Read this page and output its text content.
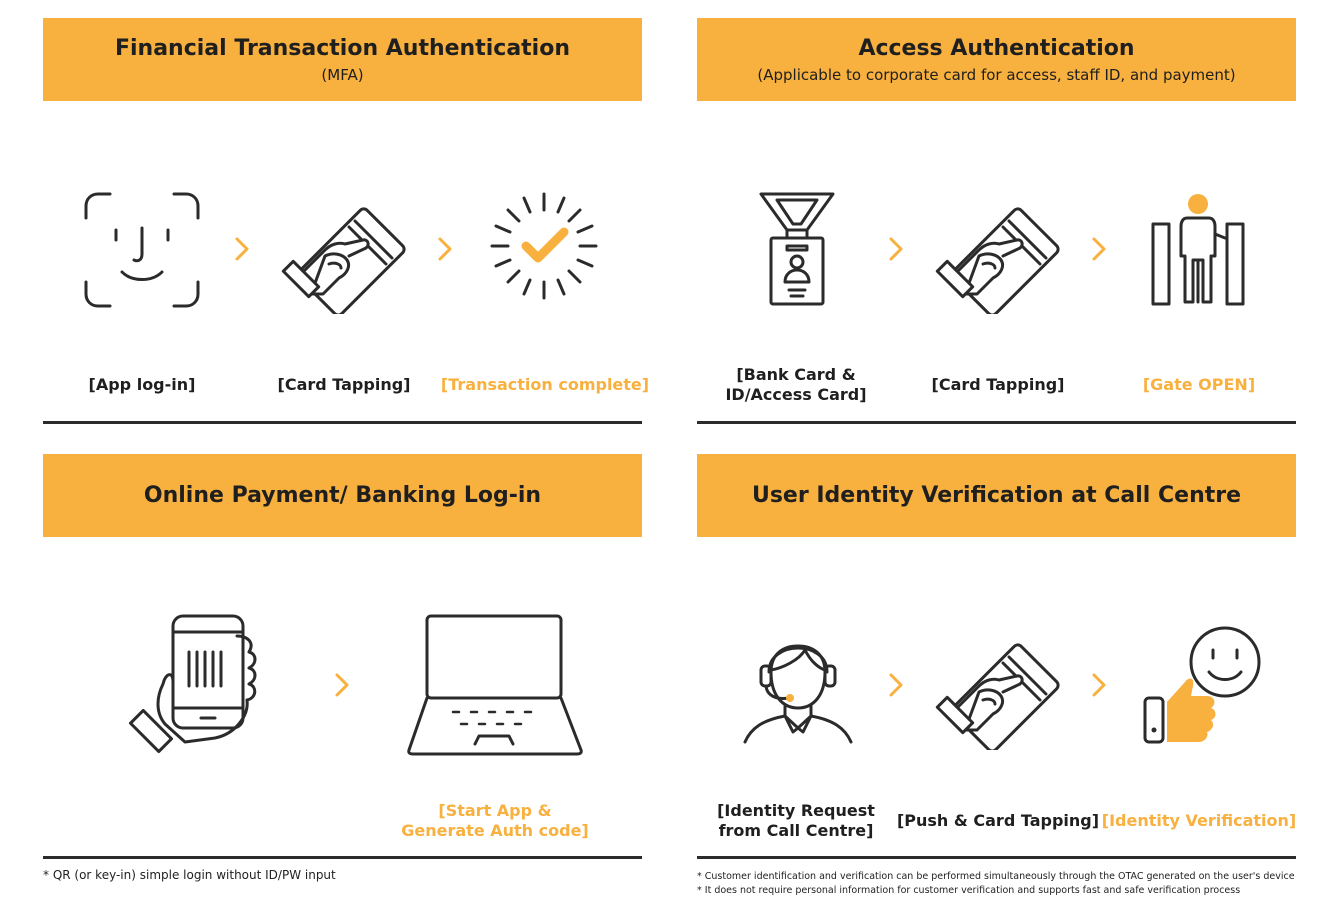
Financial Transaction Authentication
(MFA)
[App log-in]	[Card Tapping] [Transaction complete]
Access Authentication
(Applicable to corporate card for access, staff ID, and payment)
[Bank Card &
ID/Access Card]
[Card Tapping]	[Gate OPEN]
Online Payment/ Banking Log-in
[Start App &
Generate Auth code]
* QR (or key-in) simple login without ID/PW input
User Identity Verification at Call Centre
[Identity Request
from Call Centre]
[Push & Card Tapping] [Identity Verification]
* Customer identification and verification can be performed simultaneously through the OTAC generated on the user's device
* It does not require personal information for customer verification and supports fast and safe verification process
